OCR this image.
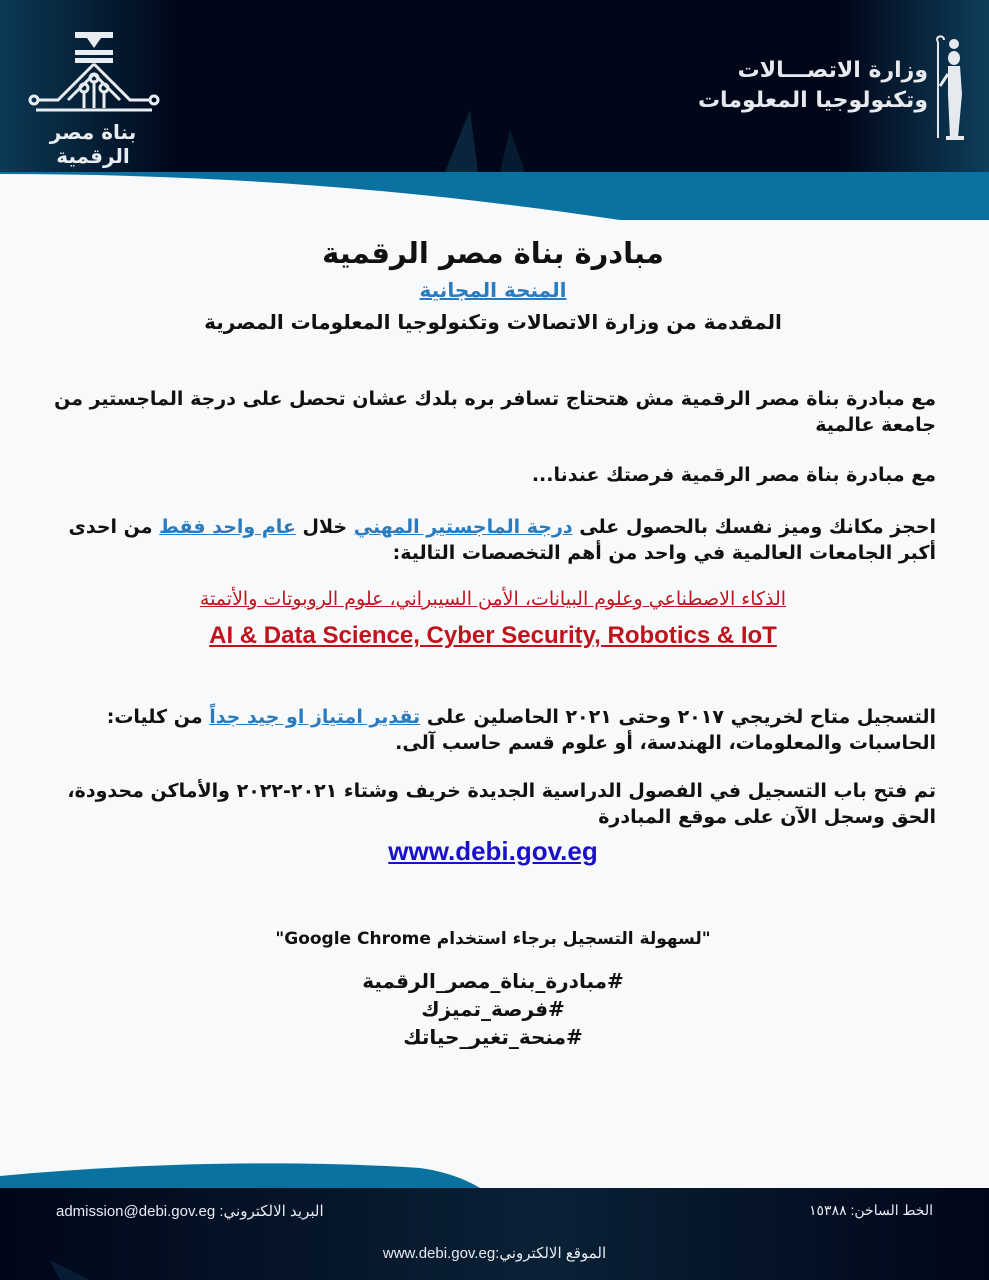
بناة مصر الرقمية
وزارة الاتصـــالات
وتكنولوجيا المعلومات
مبادرة بناة مصر الرقمية
المنحة المجانية
المقدمة من وزارة الاتصالات وتكنولوجيا المعلومات المصرية
مع مبادرة بناة مصر الرقمية مش هتحتاج تسافر بره بلدك عشان تحصل على درجة الماجستير من جامعة عالمية
مع مبادرة بناة مصر الرقمية فرصتك عندنا...
احجز مكانك وميز نفسك بالحصول على درجة الماجستير المهني خلال عام واحد فقط من احدى أكبر الجامعات العالمية في واحد من أهم التخصصات التالية:
الذكاء الاصطناعي وعلوم البيانات، الأمن السيبراني، علوم الروبوتات والأتمتة
AI & Data Science, Cyber Security, Robotics & IoT
التسجيل متاح لخريجي ٢٠١٧ وحتى ٢٠٢١ الحاصلين على تقدير امتياز او جيد جداً من كليات: الحاسبات والمعلومات، الهندسة، أو علوم قسم حاسب آلى.
تم فتح باب التسجيل في الفصول الدراسية الجديدة خريف وشتاء ٢٠٢١-٢٠٢٢ والأماكن محدودة، الحق وسجل الآن على موقع المبادرة
www.debi.gov.eg
"لسهولة التسجيل برجاء استخدام Google Chrome"
#مبادرة_بناة_مصر_الرقمية
#فرصة_تميزك
#منحة_تغير_حياتك
الخط الساخن: ١٥٣٨٨
البريد الالكتروني: admission@debi.gov.eg
الموقع الالكتروني:www.debi.gov.eg
